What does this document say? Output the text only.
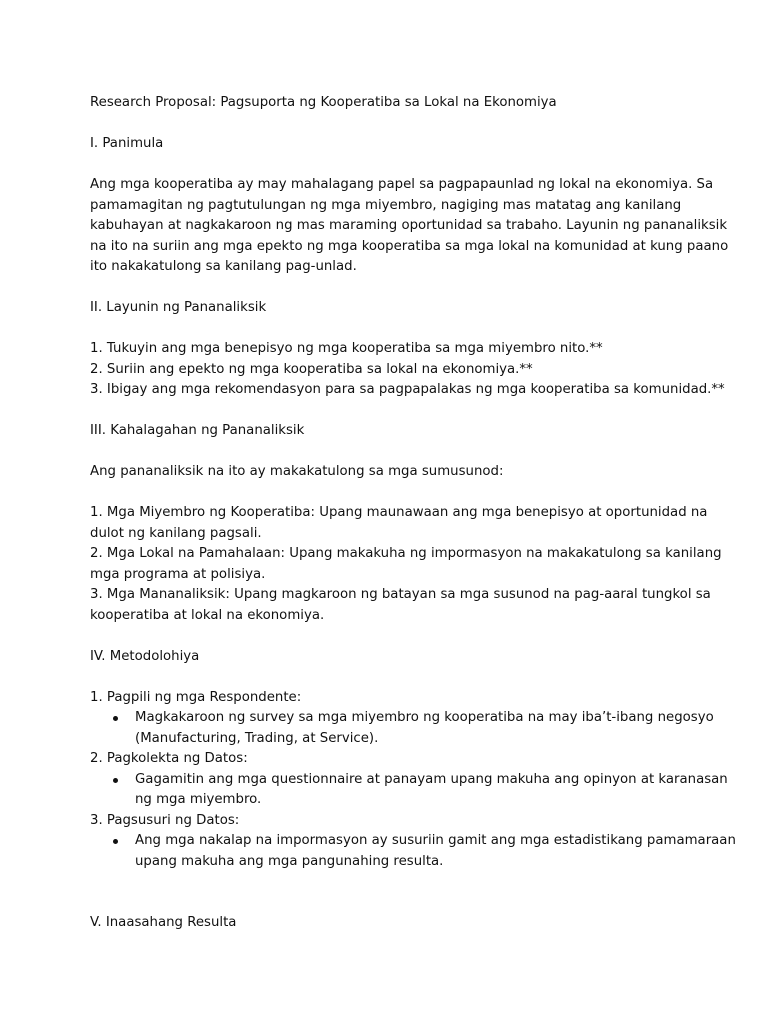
Research Proposal: Pagsuporta ng Kooperatiba sa Lokal na Ekonomiya
I. Panimula
Ang mga kooperatiba ay may mahalagang papel sa pagpapaunlad ng lokal na ekonomiya. Sa
pamamagitan ng pagtutulungan ng mga miyembro, nagiging mas matatag ang kanilang
kabuhayan at nagkakaroon ng mas maraming oportunidad sa trabaho. Layunin ng pananaliksik
na ito na suriin ang mga epekto ng mga kooperatiba sa mga lokal na komunidad at kung paano
ito nakakatulong sa kanilang pag-unlad.
II. Layunin ng Pananaliksik
1. Tukuyin ang mga benepisyo ng mga kooperatiba sa mga miyembro nito.**
2. Suriin ang epekto ng mga kooperatiba sa lokal na ekonomiya.**
3. Ibigay ang mga rekomendasyon para sa pagpapalakas ng mga kooperatiba sa komunidad.**
III. Kahalagahan ng Pananaliksik
Ang pananaliksik na ito ay makakatulong sa mga sumusunod:
1. Mga Miyembro ng Kooperatiba: Upang maunawaan ang mga benepisyo at oportunidad na
dulot ng kanilang pagsali.
2. Mga Lokal na Pamahalaan: Upang makakuha ng impormasyon na makakatulong sa kanilang
mga programa at polisiya.
3. Mga Mananaliksik: Upang magkaroon ng batayan sa mga susunod na pag-aaral tungkol sa
kooperatiba at lokal na ekonomiya.
IV. Metodolohiya
1. Pagpili ng mga Respondente:
Magkakaroon ng survey sa mga miyembro ng kooperatiba na may iba’t-ibang negosyo
(Manufacturing, Trading, at Service).
2. Pagkolekta ng Datos:
Gagamitin ang mga questionnaire at panayam upang makuha ang opinyon at karanasan
ng mga miyembro.
3. Pagsusuri ng Datos:
Ang mga nakalap na impormasyon ay susuriin gamit ang mga estadistikang pamamaraan
upang makuha ang mga pangunahing resulta.
V. Inaasahang Resulta
